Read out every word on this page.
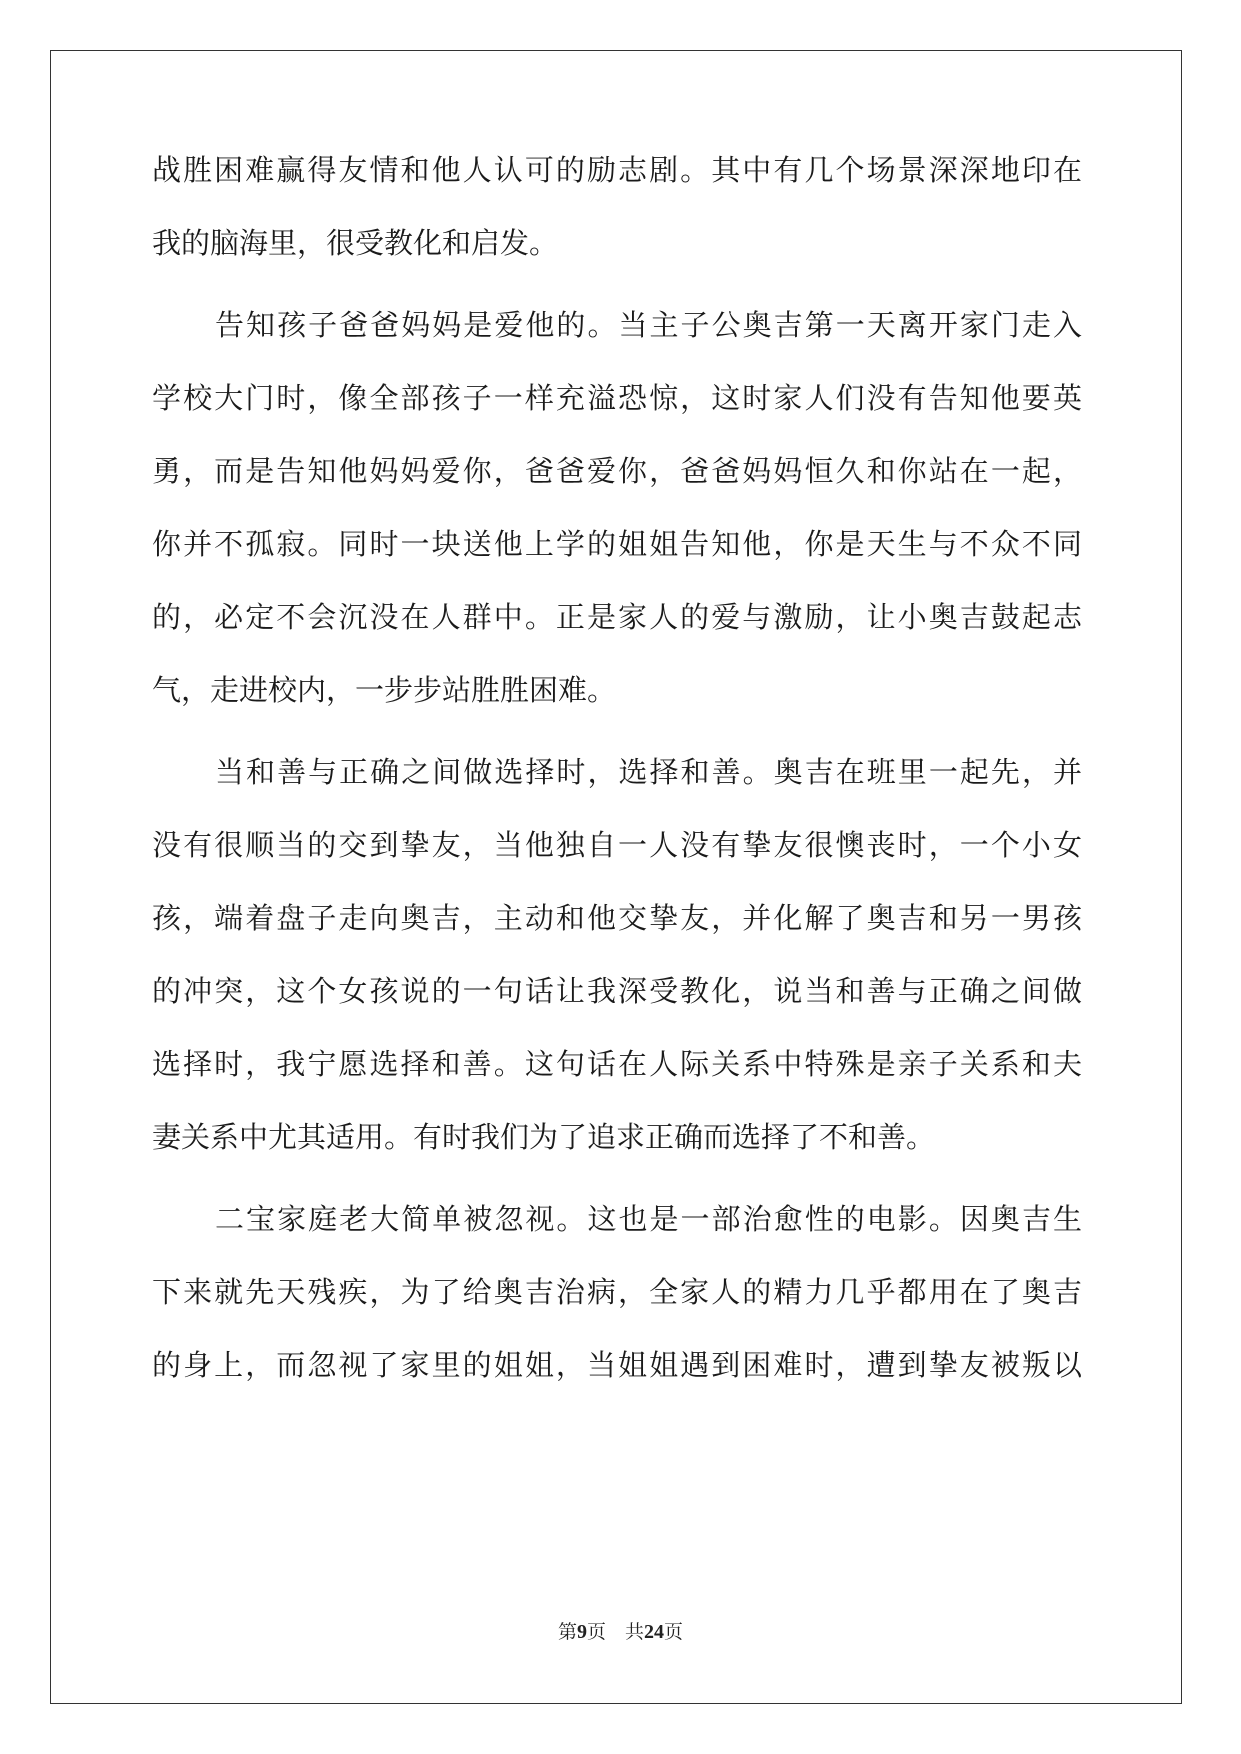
战胜困难赢得友情和他人认可的励志剧。其中有几个场景深深地印在
我的脑海里，很受教化和启发。
告知孩子爸爸妈妈是爱他的。当主子公奥吉第一天离开家门走入
学校大门时，像全部孩子一样充溢恐惊，这时家人们没有告知他要英
勇，而是告知他妈妈爱你，爸爸爱你，爸爸妈妈恒久和你站在一起，
你并不孤寂。同时一块送他上学的姐姐告知他，你是天生与不众不同
的，必定不会沉没在人群中。正是家人的爱与激励，让小奥吉鼓起志
气，走进校内，一步步站胜胜困难。
当和善与正确之间做选择时，选择和善。奥吉在班里一起先，并
没有很顺当的交到挚友，当他独自一人没有挚友很懊丧时，一个小女
孩，端着盘子走向奥吉，主动和他交挚友，并化解了奥吉和另一男孩
的冲突，这个女孩说的一句话让我深受教化，说当和善与正确之间做
选择时，我宁愿选择和善。这句话在人际关系中特殊是亲子关系和夫
妻关系中尤其适用。有时我们为了追求正确而选择了不和善。
二宝家庭老大简单被忽视。这也是一部治愈性的电影。因奥吉生
下来就先天残疾，为了给奥吉治病，全家人的精力几乎都用在了奥吉
的身上，而忽视了家里的姐姐，当姐姐遇到困难时，遭到挚友被叛以
第9页　共24页
